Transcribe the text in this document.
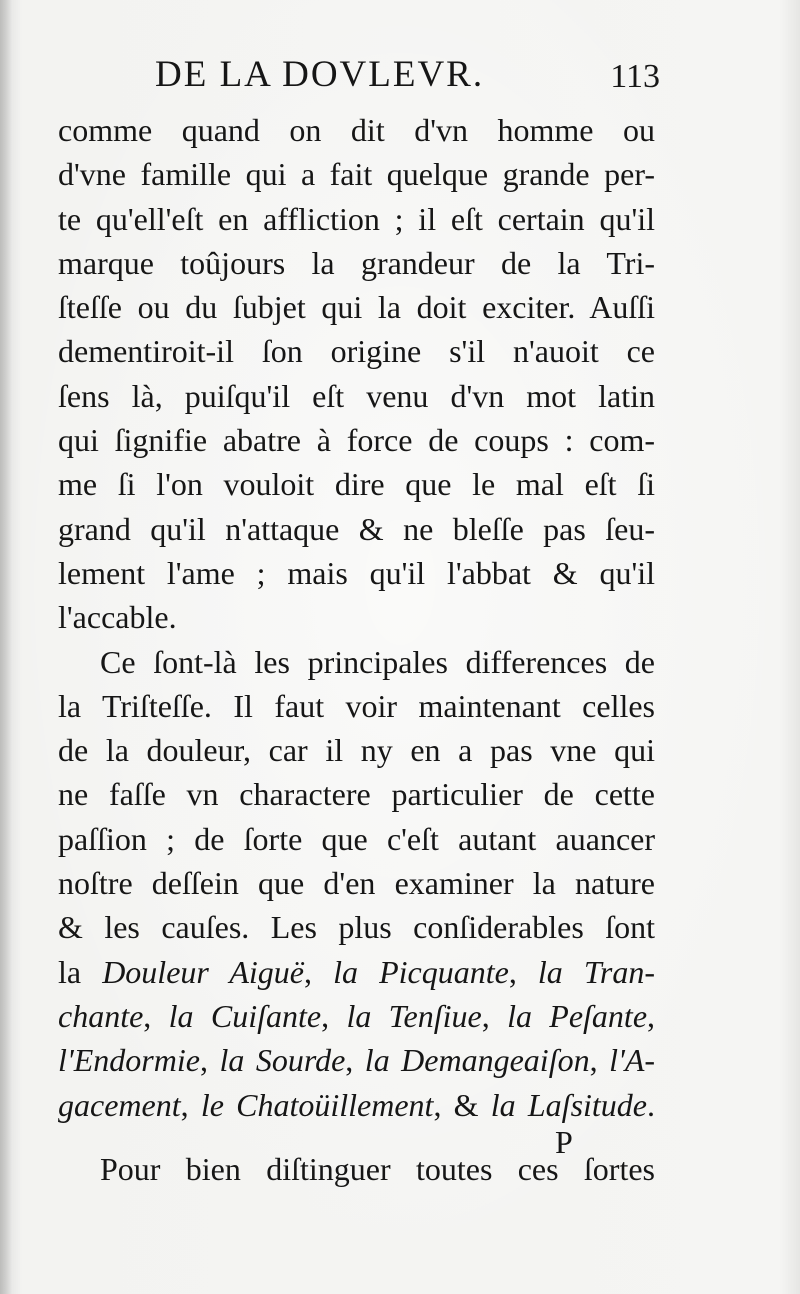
DE LA DOVLEVR.	113
comme quand on dit d'vn homme ou
d'vne famille qui a fait quelque grande per-
te qu'ell'eſt en affliction ; il eſt certain qu'il
marque toûjours la grandeur de la Tri-
ſteſſe ou du ſubjet qui la doit exciter. Auſſi
dementiroit-il ſon origine s'il n'auoit ce
ſens là, puiſqu'il eſt venu d'vn mot latin
qui ſignifie abatre à force de coups : com-
me ſi l'on vouloit dire que le mal eſt ſi
grand qu'il n'attaque & ne bleſſe pas ſeu-
lement l'ame ; mais qu'il l'abbat & qu'il
l'accable.
Ce ſont-là les principales differences de
la Triſteſſe. Il faut voir maintenant celles
de la douleur, car il ny en a pas vne qui
ne faſſe vn charactere particulier de cette
paſſion ; de ſorte que c'eſt autant auancer
noſtre deſſein que d'en examiner la nature
& les cauſes. Les plus conſiderables ſont
la Douleur Aiguë, la Picquante, la Tran-
chante, la Cuiſante, la Tenſiue, la Peſante,
l'Endormie, la Sourde, la Demangeaiſon, l'A-
gacement, le Chatoüillement, & la Laſsitude.
Pour bien diſtinguer toutes ces ſortes
P
